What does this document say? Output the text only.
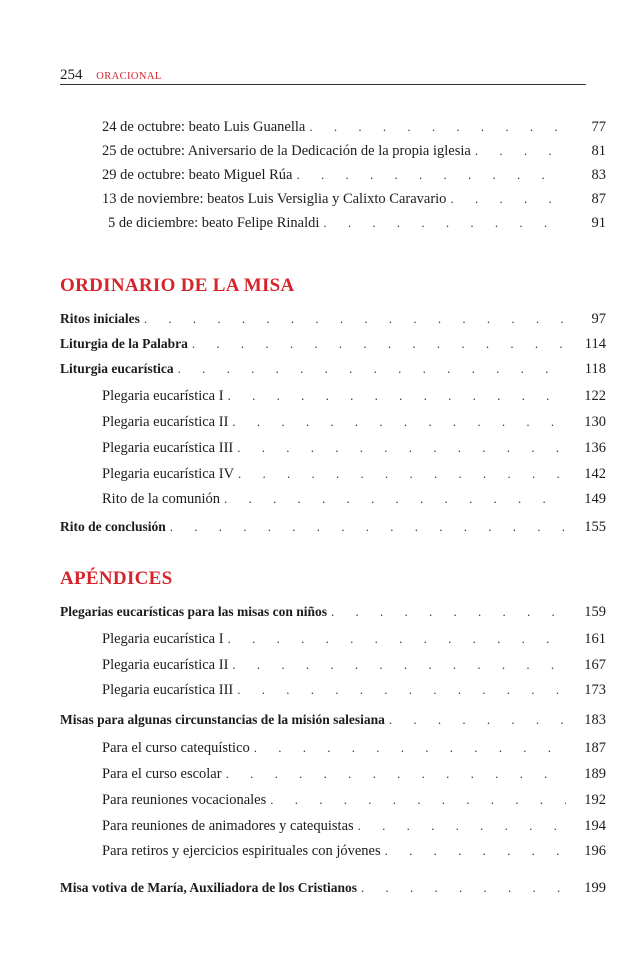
254 ORACIONAL
24 de octubre: beato Luis Guanella . . .	77
25 de octubre: Aniversario de la Dedicación de la propia iglesia . . .	81
29 de octubre: beato Miguel Rúa . . .	83
13 de noviembre: beatos Luis Versiglia y Calixto Caravario . . .	87
5 de diciembre: beato Felipe Rinaldi . . .	91
ORDINARIO DE LA MISA
Ritos iniciales . . .	97
Liturgia de la Palabra . . .	114
Liturgia eucarística . . .	118
Plegaria eucarística I . . .	122
Plegaria eucarística II . . .	130
Plegaria eucarística III . . .	136
Plegaria eucarística IV . . .	142
Rito de la comunión . . .	149
Rito de conclusión . . .	155
APÉNDICES
Plegarias eucarísticas para las misas con niños . . .	159
Plegaria eucarística I . . .	161
Plegaria eucarística II . . .	167
Plegaria eucarística III . . .	173
Misas para algunas circunstancias de la misión salesiana . . .	183
Para el curso catequístico . . .	187
Para el curso escolar . . .	189
Para reuniones vocacionales . . .	192
Para reuniones de animadores y catequistas . . .	194
Para retiros y ejercicios espirituales con jóvenes . . .	196
Misa votiva de María, Auxiliadora de los Cristianos . . .	199
